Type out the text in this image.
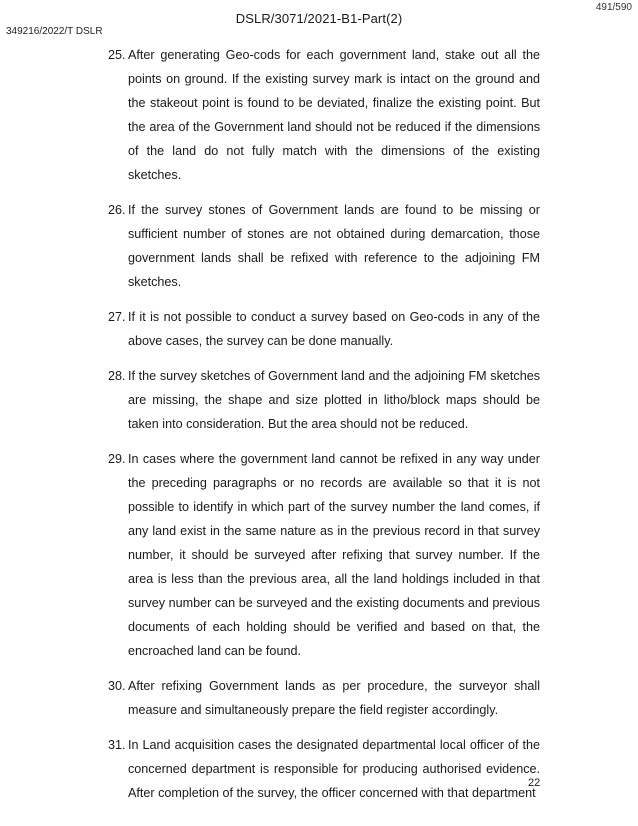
491/590
DSLR/3071/2021-B1-Part(2)
349216/2022/T DSLR
25. After generating Geo-cods for each government land, stake out all the points on ground. If the existing survey mark is intact on the ground and the stakeout point is found to be deviated, finalize the existing point. But the area of the Government land should not be reduced if the dimensions of the land do not fully match with the dimensions of the existing sketches.
26. If the survey stones of Government lands are found to be missing or sufficient number of stones are not obtained during demarcation, those government lands shall be refixed with reference to the adjoining FM sketches.
27. If it is not possible to conduct a survey based on Geo-cods in any of the above cases, the survey can be done manually.
28. If the survey sketches of Government land and the adjoining FM sketches are missing, the shape and size plotted in litho/block maps should be taken into consideration. But the area should not be reduced.
29. In cases where the government land cannot be refixed in any way under the preceding paragraphs or no records are available so that it is not possible to identify in which part of the survey number the land comes, if any land exist in the same nature as in the previous record in that survey number, it should be surveyed after refixing that survey number. If the area is less than the previous area, all the land holdings included in that survey number can be surveyed and the existing documents and previous documents of each holding should be verified and based on that, the encroached land can be found.
30. After refixing Government lands as per procedure, the surveyor shall measure and simultaneously prepare the field register accordingly.
31. In Land acquisition cases the designated departmental local officer of the concerned department is responsible for producing authorised evidence. After completion of the survey, the officer concerned with that department
22
